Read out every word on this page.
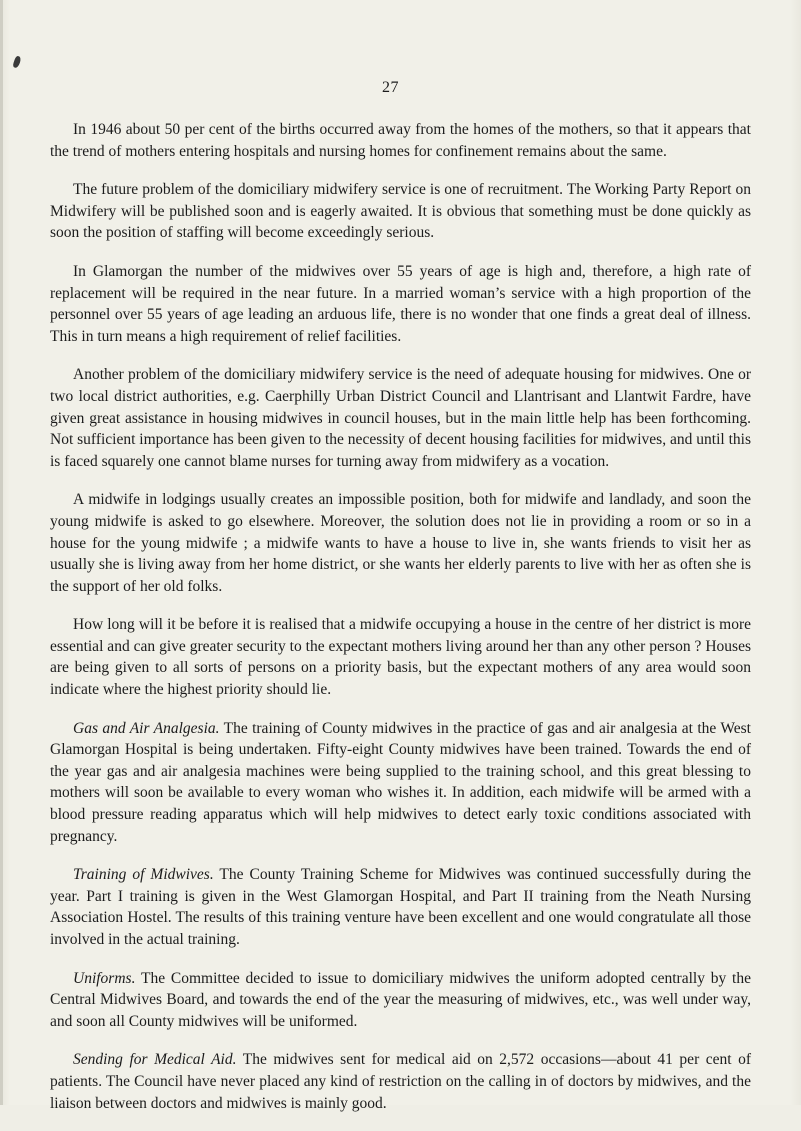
27

In 1946 about 50 per cent of the births occurred away from the homes of the mothers, so that it appears that the trend of mothers entering hospitals and nursing homes for confinement remains about the same.

The future problem of the domiciliary midwifery service is one of recruitment. The Working Party Report on Midwifery will be published soon and is eagerly awaited. It is obvious that something must be done quickly as soon the position of staffing will become exceedingly serious.

In Glamorgan the number of the midwives over 55 years of age is high and, therefore, a high rate of replacement will be required in the near future. In a married woman’s service with a high proportion of the personnel over 55 years of age leading an arduous life, there is no wonder that one finds a great deal of illness. This in turn means a high requirement of relief facilities.

Another problem of the domiciliary midwifery service is the need of adequate housing for midwives. One or two local district authorities, e.g. Caerphilly Urban District Council and Llantrisant and Llantwit Fardre, have given great assistance in housing midwives in council houses, but in the main little help has been forthcoming. Not sufficient importance has been given to the necessity of decent housing facilities for midwives, and until this is faced squarely one cannot blame nurses for turning away from midwifery as a vocation.

A midwife in lodgings usually creates an impossible position, both for midwife and landlady, and soon the young midwife is asked to go elsewhere. Moreover, the solution does not lie in providing a room or so in a house for the young midwife ; a midwife wants to have a house to live in, she wants friends to visit her as usually she is living away from her home district, or she wants her elderly parents to live with her as often she is the support of her old folks.

How long will it be before it is realised that a midwife occupying a house in the centre of her district is more essential and can give greater security to the expectant mothers living around her than any other person ? Houses are being given to all sorts of persons on a priority basis, but the expectant mothers of any area would soon indicate where the highest priority should lie.

Gas and Air Analgesia. The training of County midwives in the practice of gas and air analgesia at the West Glamorgan Hospital is being undertaken. Fifty-eight County midwives have been trained. Towards the end of the year gas and air analgesia machines were being supplied to the training school, and this great blessing to mothers will soon be available to every woman who wishes it. In addition, each midwife will be armed with a blood pressure reading apparatus which will help midwives to detect early toxic conditions associated with pregnancy.

Training of Midwives. The County Training Scheme for Midwives was continued successfully during the year. Part I training is given in the West Glamorgan Hospital, and Part II training from the Neath Nursing Association Hostel. The results of this training venture have been excellent and one would congratulate all those involved in the actual training.

Uniforms. The Committee decided to issue to domiciliary midwives the uniform adopted centrally by the Central Midwives Board, and towards the end of the year the measuring of midwives, etc., was well under way, and soon all County midwives will be uniformed.

Sending for Medical Aid. The midwives sent for medical aid on 2,572 occasions—about 41 per cent of patients. The Council have never placed any kind of restriction on the calling in of doctors by midwives, and the liaison between doctors and midwives is mainly good.
